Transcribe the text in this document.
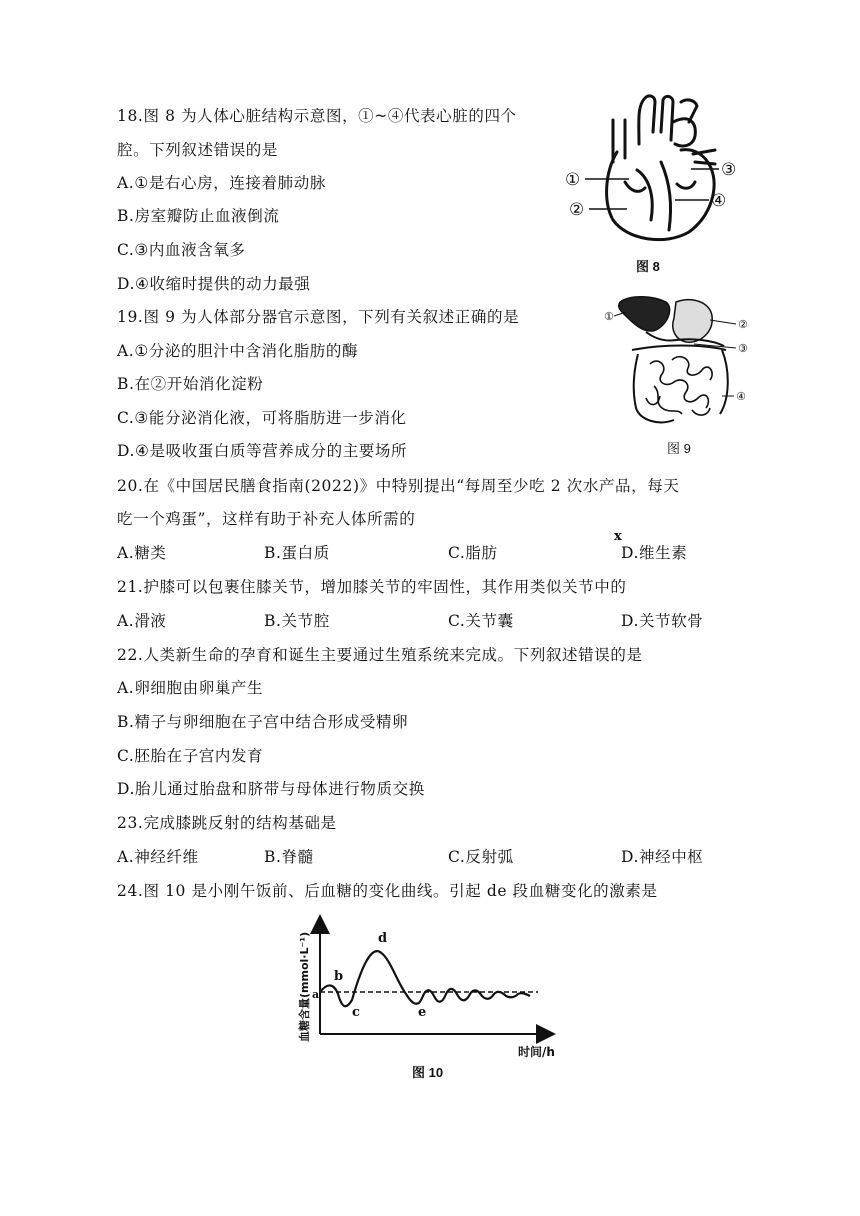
18.图 8 为人体心脏结构示意图，①~④代表心脏的四个
腔。下列叙述错误的是
A.①是右心房，连接着肺动脉
B.房室瓣防止血液倒流
C.③内血液含氧多
D.④收缩时提供的动力最强
①
②
③
④
图 8
19.图 9 为人体部分器官示意图，下列有关叙述正确的是
A.①分泌的胆汁中含消化脂肪的酶
B.在②开始消化淀粉
C.③能分泌消化液，可将脂肪进一步消化
D.④是吸收蛋白质等营养成分的主要场所
①
②
③
④
图 9
20.在《中国居民膳食指南(2022)》中特别提出“每周至少吃 2 次水产品，每天
吃一个鸡蛋”，这样有助于补充人体所需的
x
A.糖类	B.蛋白质	C.脂肪	D.维生素
21.护膝可以包裹住膝关节，增加膝关节的牢固性，其作用类似关节中的
A.滑液	B.关节腔	C.关节囊	D.关节软骨
22.人类新生命的孕育和诞生主要通过生殖系统来完成。下列叙述错误的是
A.卵细胞由卵巢产生
B.精子与卵细胞在子宫中结合形成受精卵
C.胚胎在子宫内发育
D.胎儿通过胎盘和脐带与母体进行物质交换
23.完成膝跳反射的结构基础是
A.神经纤维	B.脊髓	C.反射弧	D.神经中枢
24.图 10 是小刚午饭前、后血糖的变化曲线。引起 de 段血糖变化的激素是
a
b
c
d
e
时间/h
血糖含量(mmol·L⁻¹)
图 10
